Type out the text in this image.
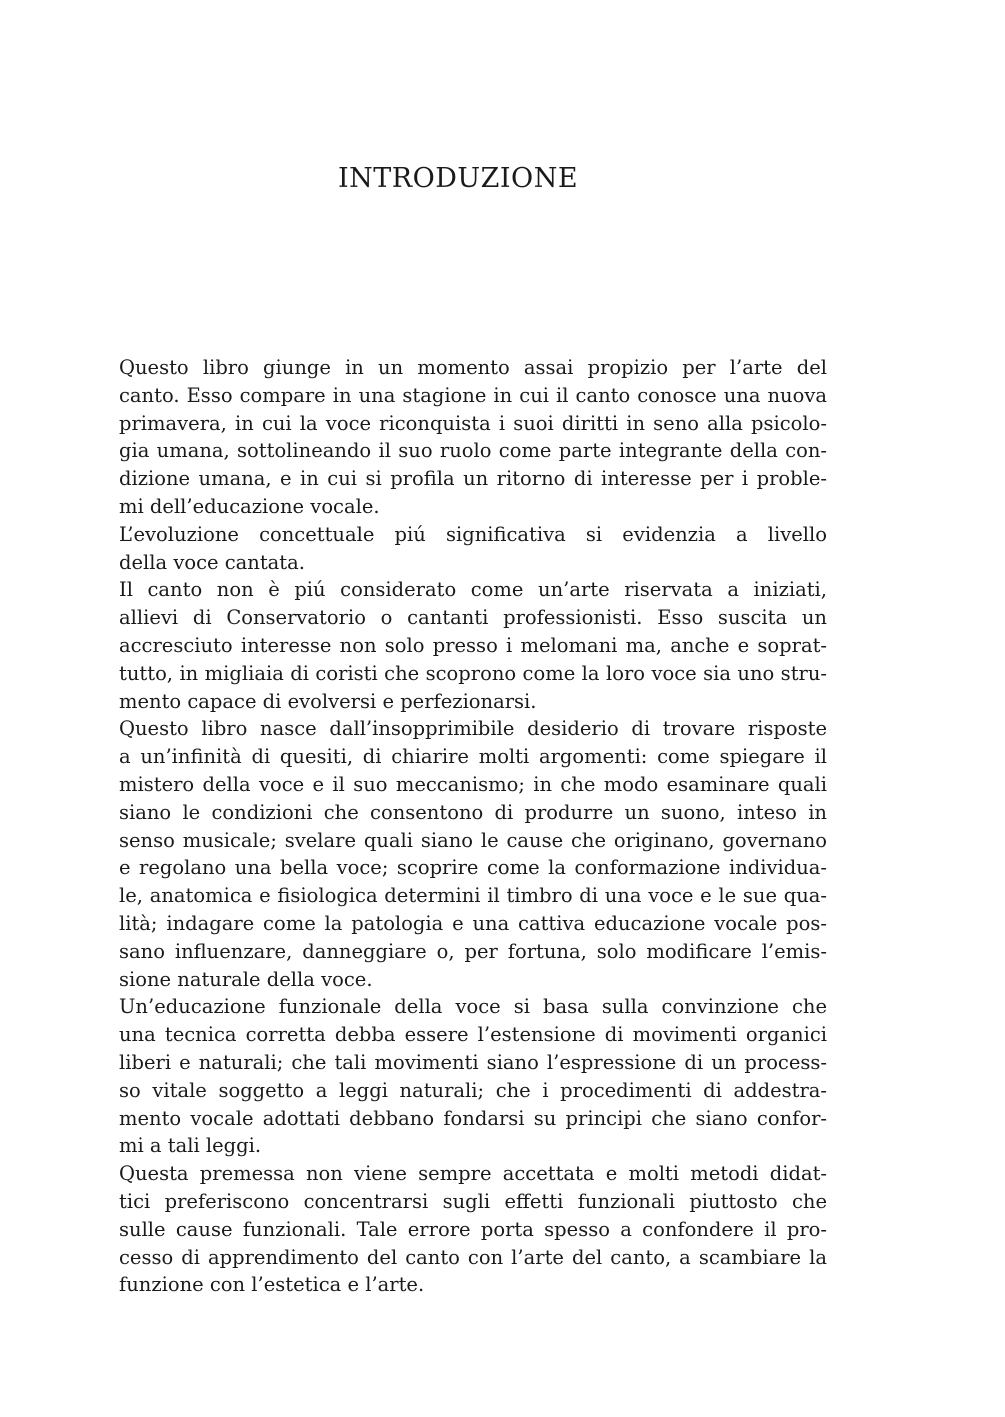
INTRODUZIONE

Questo libro giunge in un momento assai propizio per l’arte del
canto. Esso compare in una stagione in cui il canto conosce una nuova
primavera, in cui la voce riconquista i suoi diritti in seno alla psicolo-
gia umana, sottolineando il suo ruolo come parte integrante della con-
dizione umana, e in cui si profila un ritorno di interesse per i proble-
mi dell’educazione vocale.

L’evoluzione concettuale piú significativa si evidenzia a livello
della voce cantata.

Il canto non è piú considerato come un’arte riservata a iniziati,
allievi di Conservatorio o cantanti professionisti. Esso suscita un
accresciuto interesse non solo presso i melomani ma, anche e soprat-
tutto, in migliaia di coristi che scoprono come la loro voce sia uno stru-
mento capace di evolversi e perfezionarsi.

Questo libro nasce dall’insopprimibile desiderio di trovare risposte
a un’infinità di quesiti, di chiarire molti argomenti: come spiegare il
mistero della voce e il suo meccanismo; in che modo esaminare quali
siano le condizioni che consentono di produrre un suono, inteso in
senso musicale; svelare quali siano le cause che originano, governano
e regolano una bella voce; scoprire come la conformazione individua-
le, anatomica e fisiologica determini il timbro di una voce e le sue qua-
lità; indagare come la patologia e una cattiva educazione vocale pos-
sano influenzare, danneggiare o, per fortuna, solo modificare l’emis-
sione naturale della voce.

Un’educazione funzionale della voce si basa sulla convinzione che
una tecnica corretta debba essere l’estensione di movimenti organici
liberi e naturali; che tali movimenti siano l’espressione di un process-
so vitale soggetto a leggi naturali; che i procedimenti di addestra-
mento vocale adottati debbano fondarsi su principi che siano confor-
mi a tali leggi.

Questa premessa non viene sempre accettata e molti metodi didat-
tici preferiscono concentrarsi sugli effetti funzionali piuttosto che
sulle cause funzionali. Tale errore porta spesso a confondere il pro-
cesso di apprendimento del canto con l’arte del canto, a scambiare la
funzione con l’estetica e l’arte.
